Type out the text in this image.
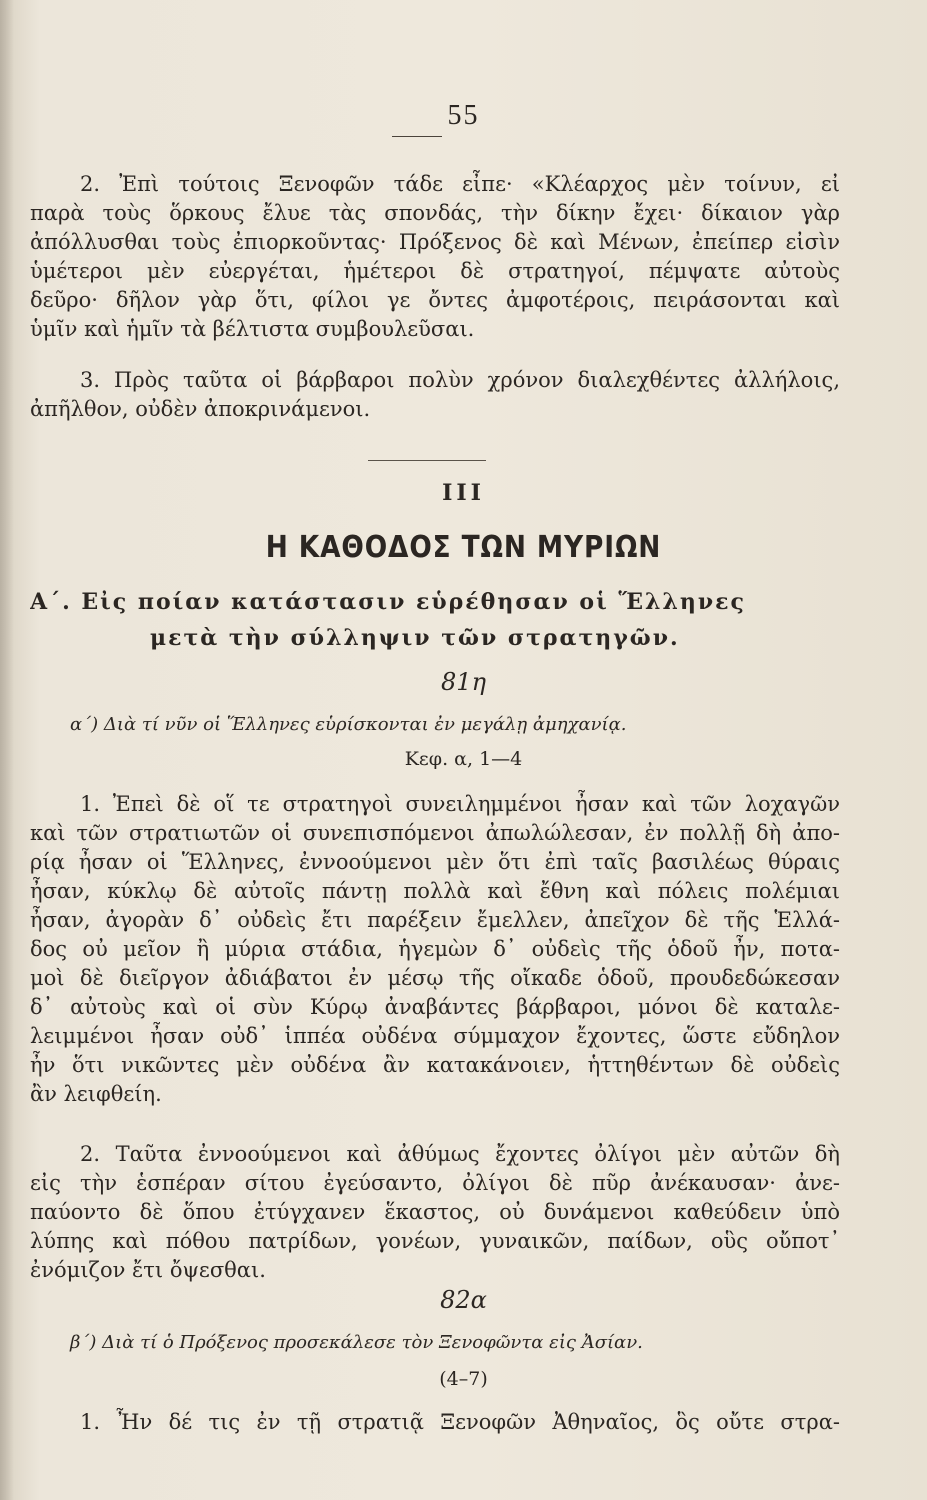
55
2. Ἐπὶ τούτοις Ξενοφῶν τάδε εἶπε· «Κλέαρχος μὲν τοίνυν, εἰ
παρὰ τοὺς ὅρκους ἔλυε τὰς σπονδάς, τὴν δίκην ἔχει· δίκαιον γὰρ
ἀπόλλυσθαι τοὺς ἐπιορκοῦντας· Πρόξενος δὲ καὶ Μένων, ἐπείπερ εἰσὶν
ὑμέτεροι μὲν εὐεργέται, ἡμέτεροι δὲ στρατηγοί, πέμψατε αὐτοὺς
δεῦρο· δῆλον γὰρ ὅτι, φίλοι γε ὄντες ἀμφοτέροις, πειράσονται καὶ
ὑμῖν καὶ ἡμῖν τὰ βέλτιστα συμβουλεῦσαι.
3. Πρὸς ταῦτα οἱ βάρβαροι πολὺν χρόνον διαλεχθέντες ἀλλήλοις,
ἀπῆλθον, οὐδὲν ἀποκρινάμενοι.
III
Η ΚΑΘΟΔΟΣ ΤΩΝ ΜΥΡΙΩΝ
Α΄. Εἰς ποίαν κατάστασιν εὑρέθησαν οἱ Ἕλληνες
μετὰ τὴν σύλληψιν τῶν στρατηγῶν.
81η
α΄) Διὰ τί νῦν οἱ Ἕλληνες εὑρίσκονται ἐν μεγάλῃ ἀμηχανίᾳ.
Κεφ. α, 1—4
1. Ἐπεὶ δὲ οἵ τε στρατηγοὶ συνειλημμένοι ἦσαν καὶ τῶν λοχαγῶν
καὶ τῶν στρατιωτῶν οἱ συνεπισπόμενοι ἀπωλώλεσαν, ἐν πολλῇ δὴ ἀπο-
ρίᾳ ἦσαν οἱ Ἕλληνες, ἐννοούμενοι μὲν ὅτι ἐπὶ ταῖς βασιλέως θύραις
ἦσαν, κύκλῳ δὲ αὐτοῖς πάντῃ πολλὰ καὶ ἔθνη καὶ πόλεις πολέμιαι
ἦσαν, ἀγορὰν δ᾽ οὐδεὶς ἔτι παρέξειν ἔμελλεν, ἀπεῖχον δὲ τῆς Ἑλλά-
δος οὐ μεῖον ἢ μύρια στάδια, ἡγεμὼν δ᾽ οὐδεὶς τῆς ὁδοῦ ἦν, ποτα-
μοὶ δὲ διεῖργον ἀδιάβατοι ἐν μέσῳ τῆς οἴκαδε ὁδοῦ, προυδεδώκεσαν
δ᾽ αὐτοὺς καὶ οἱ σὺν Κύρῳ ἀναβάντες βάρβαροι, μόνοι δὲ καταλε-
λειμμένοι ἦσαν οὐδ᾽ ἱππέα οὐδένα σύμμαχον ἔχοντες, ὥστε εὔδηλον
ἦν ὅτι νικῶντες μὲν οὐδένα ἂν κατακάνοιεν, ἡττηθέντων δὲ οὐδεὶς
ἂν λειφθείη.
2. Ταῦτα ἐννοούμενοι καὶ ἀθύμως ἔχοντες ὀλίγοι μὲν αὐτῶν δὴ
εἰς τὴν ἑσπέραν σίτου ἐγεύσαντο, ὀλίγοι δὲ πῦρ ἀνέκαυσαν· ἀνε-
παύοντο δὲ ὅπου ἐτύγχανεν ἕκαστος, οὐ δυνάμενοι καθεύδειν ὑπὸ
λύπης καὶ πόθου πατρίδων, γονέων, γυναικῶν, παίδων, οὓς οὔποτ᾽
ἐνόμιζον ἔτι ὄψεσθαι.
82α
β΄) Διὰ τί ὁ Πρόξενος προσεκάλεσε τὸν Ξενοφῶντα εἰς Ἀσίαν.
(4–7)
1. Ἦν δέ τις ἐν τῇ στρατιᾷ Ξενοφῶν Ἀθηναῖος, ὃς οὔτε στρα-
